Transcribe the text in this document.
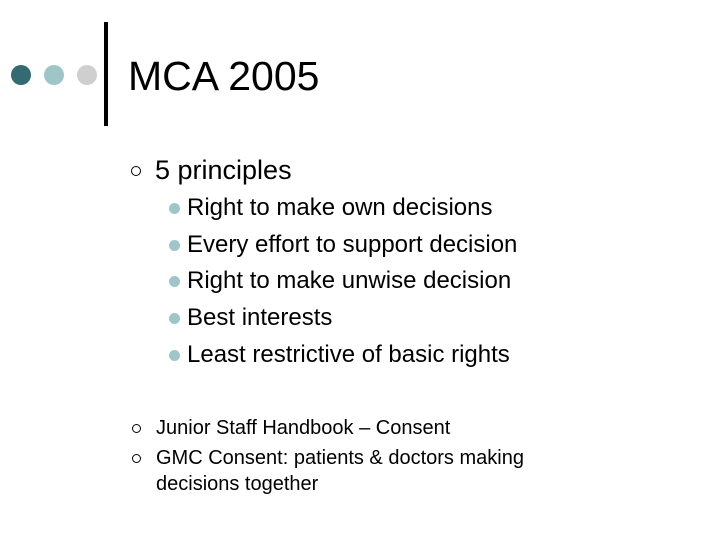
MCA 2005
5 principles
Right to make own decisions
Every effort to support decision
Right to make unwise decision
Best interests
Least restrictive of basic rights
Junior Staff Handbook – Consent
GMC Consent: patients & doctors making
decisions together
